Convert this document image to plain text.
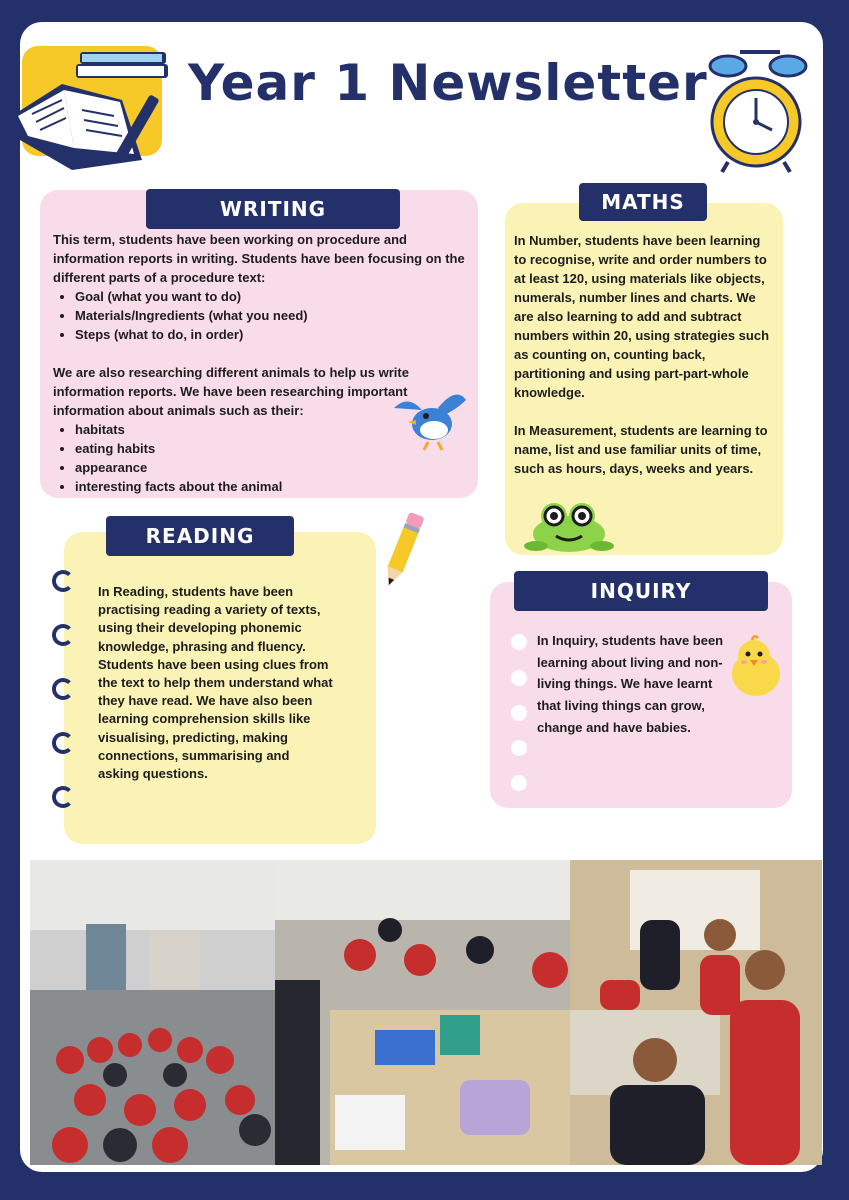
Year 1 Newsletter
WRITING

This term, students have been working on procedure and information reports in writing. Students have been focusing on the different parts of a procedure text:

• Goal (what you want to do)
• Materials/Ingredients (what you need)
• Steps (what to do, in order)

We are also researching different animals to help us write information reports. We have been researching important information about animals such as their:

• habitats
• eating habits
• appearance
• interesting facts about the animal
MATHS

In Number, students have been learning to recognise, write and order numbers to at least 120, using materials like objects, numerals, number lines and charts. We are also learning to add and subtract numbers within 20, using strategies such as counting on, counting back, partitioning and using part-part-whole knowledge.

In Measurement, students are learning to name, list and use familiar units of time, such as hours, days, weeks and years.

READING

In Reading, students have been practising reading a variety of texts, using their developing phonemic knowledge, phrasing and fluency. Students have been using clues from the text to help them understand what they have read. We have also been learning comprehension skills like visualising, predicting, making connections, summarising and asking questions.

INQUIRY

In Inquiry, students have been learning about living and non-living things. We have learnt that living things can grow, change and have babies.
